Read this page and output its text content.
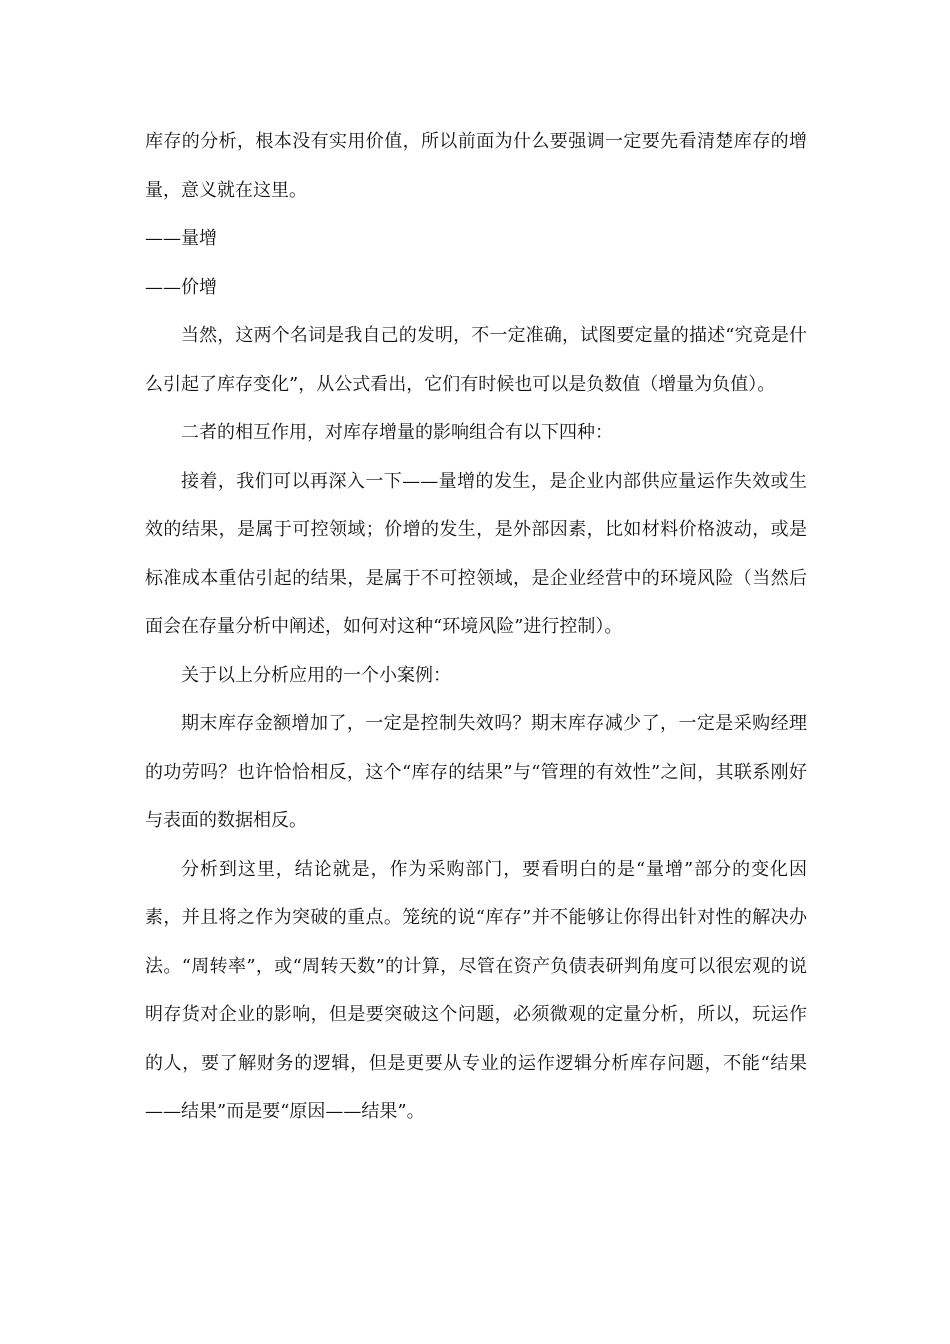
库存的分析，根本没有实用价值，所以前面为什么要强调一定要先看清楚库存的增量，意义就在这里。

——量增

——价增

当然，这两个名词是我自己的发明，不一定准确，试图要定量的描述“究竟是什么引起了库存变化”，从公式看出，它们有时候也可以是负数值（增量为负值）。

二者的相互作用，对库存增量的影响组合有以下四种：

接着，我们可以再深入一下——量增的发生，是企业内部供应量运作失效或生效的结果，是属于可控领域；价增的发生，是外部因素，比如材料价格波动，或是标准成本重估引起的结果，是属于不可控领域，是企业经营中的环境风险（当然后面会在存量分析中阐述，如何对这种“环境风险”进行控制）。

关于以上分析应用的一个小案例：

期末库存金额增加了，一定是控制失效吗？期末库存减少了，一定是采购经理的功劳吗？也许恰恰相反，这个“库存的结果”与“管理的有效性”之间，其联系刚好与表面的数据相反。

分析到这里，结论就是，作为采购部门，要看明白的是“量增”部分的变化因素，并且将之作为突破的重点。笼统的说“库存”并不能够让你得出针对性的解决办法。“周转率”，或“周转天数”的计算，尽管在资产负债表研判角度可以很宏观的说明存货对企业的影响，但是要突破这个问题，必须微观的定量分析，所以，玩运作的人，要了解财务的逻辑，但是更要从专业的运作逻辑分析库存问题，不能“结果——结果”而是要“原因——结果”。
